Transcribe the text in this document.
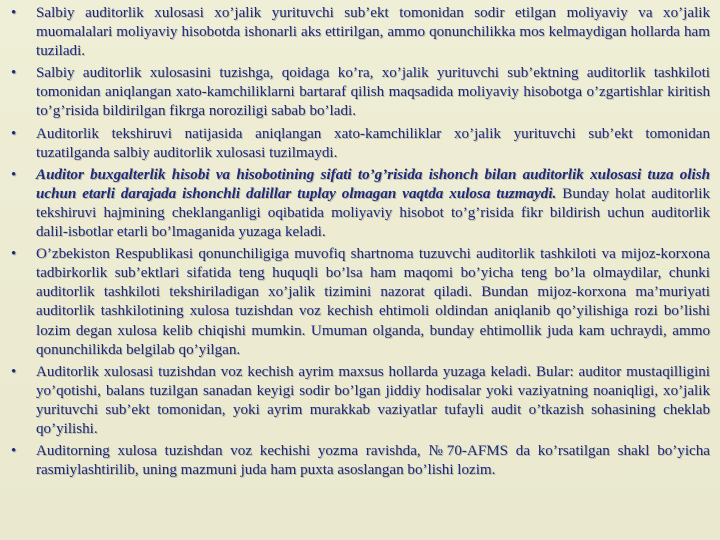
• Salbiy auditorlik xulosasi xo’jalik yurituvchi sub’ekt tomonidan sodir etilgan moliyaviy va xo’jalik muomalalari moliyaviy hisobotda ishonarli aks ettirilgan, ammo qonunchilikka mos kelmaydigan hollarda ham tuziladi.
• Salbiy auditorlik xulosasini tuzishga, qoidaga ko’ra, xo’jalik yurituvchi sub’ektning auditorlik tashkiloti tomonidan aniqlangan xato-kamchiliklarni bartaraf qilish maqsadida moliyaviy hisobotga o’zgartishlar kiritish to’g’risida bildirilgan fikrga noroziligi sabab bo’ladi.
• Auditorlik tekshiruvi natijasida aniqlangan xato-kamchiliklar xo’jalik yurituvchi sub’ekt tomonidan tuzatilganda salbiy auditorlik xulosasi tuzilmaydi.
• Auditor buxgalterlik hisobi va hisobotining sifati to’g’risida ishonch bilan auditorlik xulosasi tuza olish uchun etarli darajada ishonchli dalillar tuplay olmagan vaqtda xulosa tuzmaydi. Bunday holat auditorlik tekshiruvi hajmining cheklanganligi oqibatida moliyaviy hisobot to’g’risida fikr bildirish uchun auditorlik dalil-isbotlar etarli bo’lmaganida yuzaga keladi.
• O’zbekiston Respublikasi qonunchiligiga muvofiq shartnoma tuzuvchi auditorlik tashkiloti va mijoz-korxona tadbirkorlik sub’ektlari sifatida teng huquqli bo’lsa ham maqomi bo’yicha teng bo’la olmaydilar, chunki auditorlik tashkiloti tekshiriladigan xo’jalik tizimini nazorat qiladi. Bundan mijoz-korxona ma’muriyati auditorlik tashkilotining xulosa tuzishdan voz kechish ehtimoli oldindan aniqlanib qo’yilishiga rozi bo’lishi lozim degan xulosa kelib chiqishi mumkin. Umuman olganda, bunday ehtimollik juda kam uchraydi, ammo qonunchilikda belgilab qo’yilgan.
• Auditorlik xulosasi tuzishdan voz kechish ayrim maxsus hollarda yuzaga keladi. Bular: auditor mustaqilligini yo’qotishi, balans tuzilgan sanadan keyigi sodir bo’lgan jiddiy hodisalar yoki vaziyatning noaniqligi, xo’jalik yurituvchi sub’ekt tomonidan, yoki ayrim murakkab vaziyatlar tufayli audit o’tkazish sohasining cheklab qo’yilishi.
• Auditorning xulosa tuzishdan voz kechishi yozma ravishda, №70-AFMS da ko’rsatilgan shakl bo’yicha rasmiylashtirilib, uning mazmuni juda ham puxta asoslangan bo’lishi lozim.
